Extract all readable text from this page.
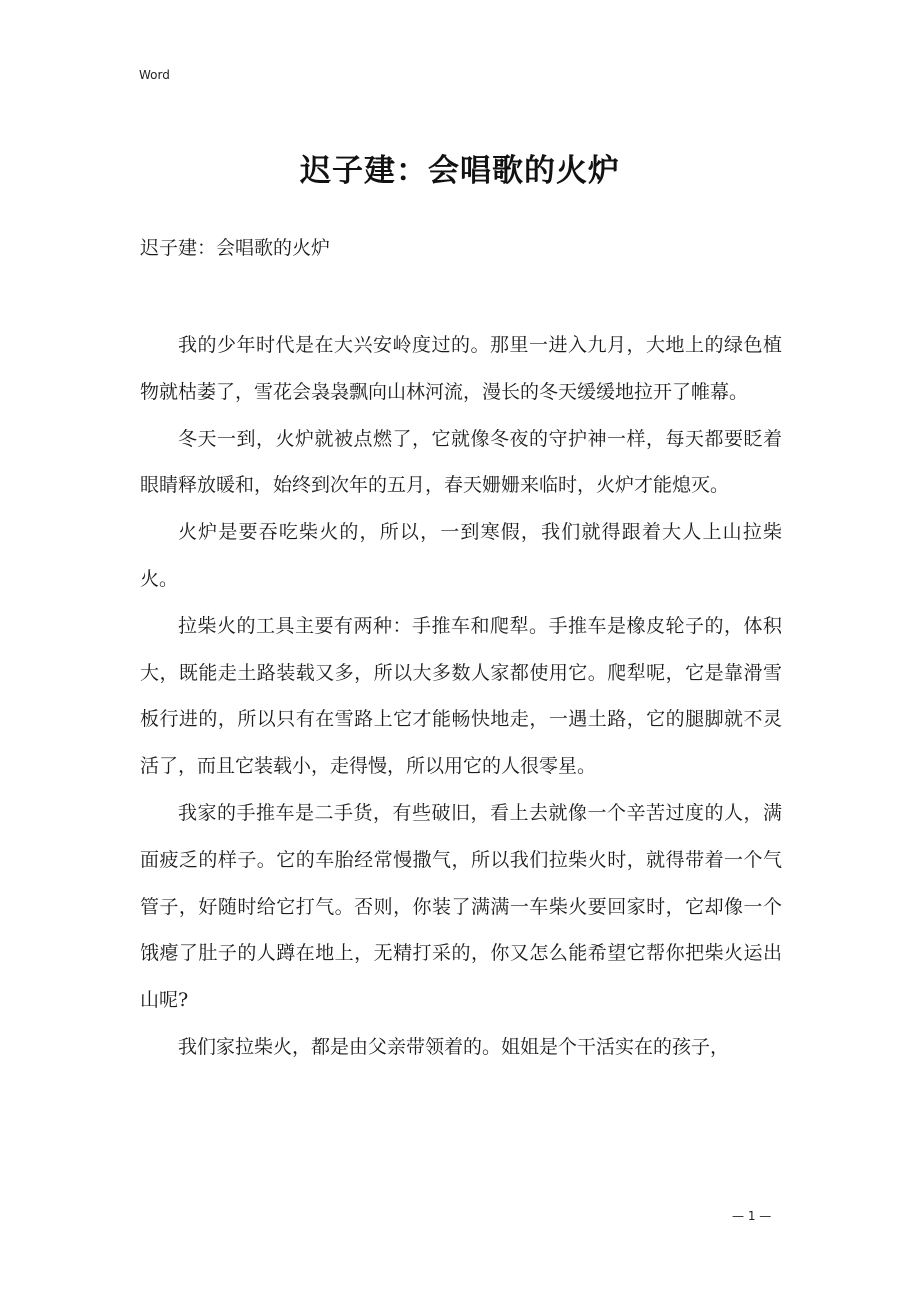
Word
迟子建：会唱歌的火炉
迟子建：会唱歌的火炉

我的少年时代是在大兴安岭度过的。那里一进入九月，大地上的绿色植物就枯萎了，雪花会袅袅飘向山林河流，漫长的冬天缓缓地拉开了帷幕。

冬天一到，火炉就被点燃了，它就像冬夜的守护神一样，每天都要眨着眼睛释放暖和，始终到次年的五月，春天姗姗来临时，火炉才能熄灭。

火炉是要吞吃柴火的，所以，一到寒假，我们就得跟着大人上山拉柴火。

拉柴火的工具主要有两种：手推车和爬犁。手推车是橡皮轮子的，体积大，既能走土路装载又多，所以大多数人家都使用它。爬犁呢，它是靠滑雪板行进的，所以只有在雪路上它才能畅快地走，一遇土路，它的腿脚就不灵活了，而且它装载小，走得慢，所以用它的人很零星。

我家的手推车是二手货，有些破旧，看上去就像一个辛苦过度的人，满面疲乏的样子。它的车胎经常慢撒气，所以我们拉柴火时，就得带着一个气管子，好随时给它打气。否则，你装了满满一车柴火要回家时，它却像一个饿瘪了肚子的人蹲在地上，无精打采的，你又怎么能希望它帮你把柴火运出山呢?

我们家拉柴火，都是由父亲带领着的。姐姐是个干活实在的孩子，

— 1 —
